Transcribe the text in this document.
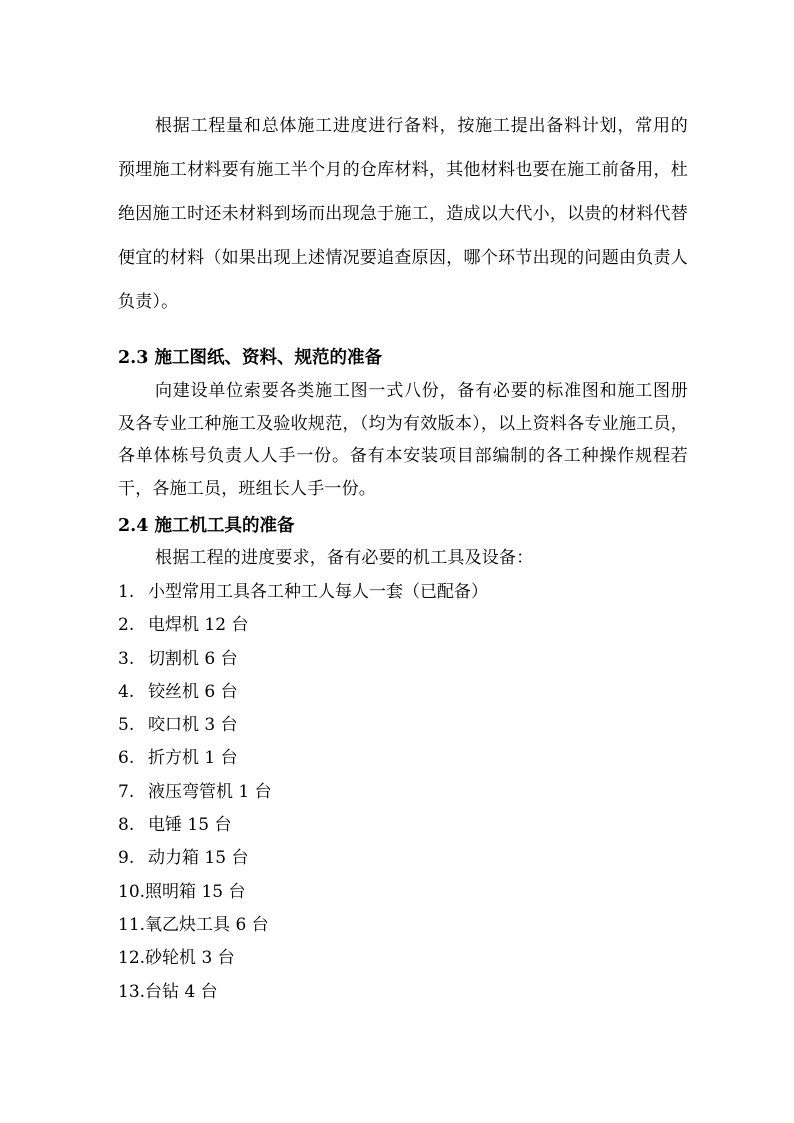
根据工程量和总体施工进度进行备料，按施工提出备料计划，常用的预埋施工材料要有施工半个月的仓库材料，其他材料也要在施工前备用，杜绝因施工时还未材料到场而出现急于施工，造成以大代小，以贵的材料代替便宜的材料（如果出现上述情况要追查原因，哪个环节出现的问题由负责人负责）。

2.3 施工图纸、资料、规范的准备

向建设单位索要各类施工图一式八份，备有必要的标准图和施工图册及各专业工种施工及验收规范，（均为有效版本），以上资料各专业施工员，各单体栋号负责人人手一份。备有本安装项目部编制的各工种操作规程若干，各施工员，班组长人手一份。

2.4 施工机工具的准备

根据工程的进度要求，备有必要的机工具及设备：

1. 小型常用工具各工种工人每人一套（已配备）
2. 电焊机 12 台
3. 切割机 6 台
4. 铰丝机 6 台
5. 咬口机 3 台
6. 折方机 1 台
7. 液压弯管机 1 台
8. 电锤 15 台
9. 动力箱 15 台
10.照明箱 15 台
11.氧乙炔工具 6 台
12.砂轮机 3 台
13.台钻 4 台
